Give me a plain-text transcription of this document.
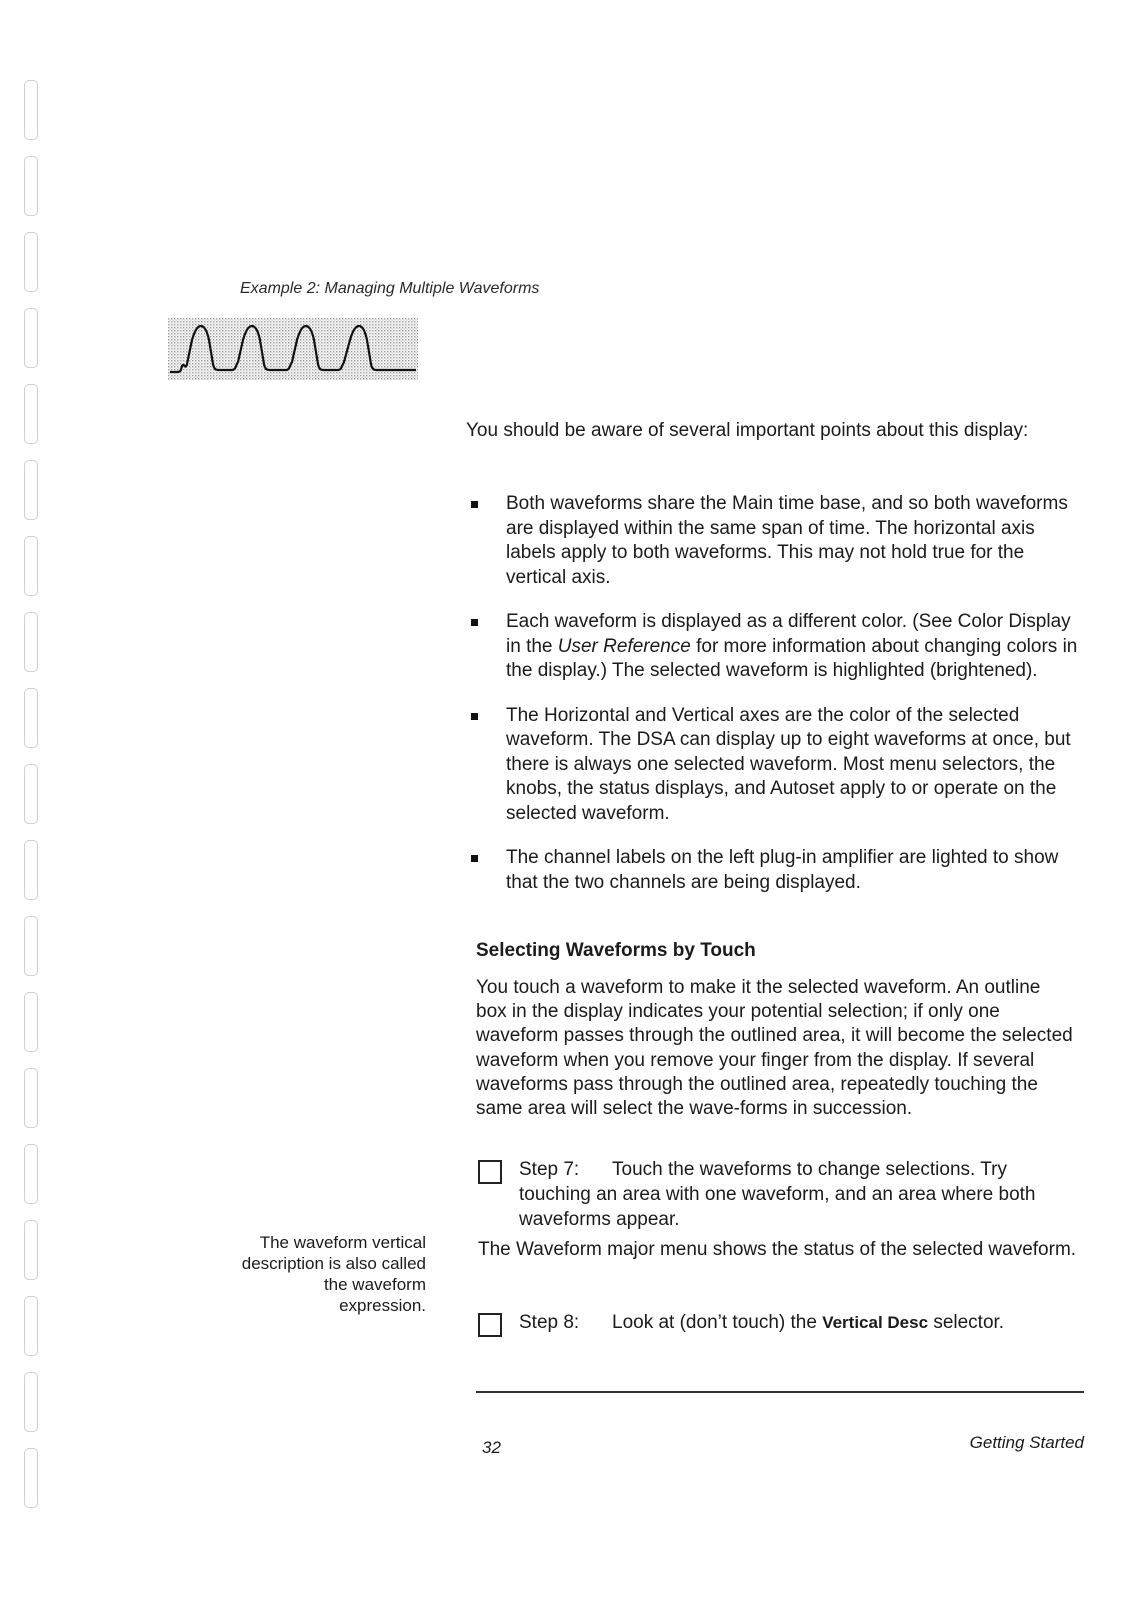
Example 2: Managing Multiple Waveforms
You should be aware of several important points about this display:
Both waveforms share the Main time base, and so both waveforms are displayed within the same span of time. The horizontal axis labels apply to both waveforms. This may not hold true for the vertical axis.
Each waveform is displayed as a different color. (See Color Display in the User Reference for more information about changing colors in the display.) The selected waveform is highlighted (brightened).
The Horizontal and Vertical axes are the color of the selected waveform. The DSA can display up to eight waveforms at once, but there is always one selected waveform. Most menu selectors, the knobs, the status displays, and Autoset apply to or operate on the selected waveform.
The channel labels on the left plug-in amplifier are lighted to show that the two channels are being displayed.
Selecting Waveforms by Touch
You touch a waveform to make it the selected waveform. An outline box in the display indicates your potential selection; if only one waveform passes through the outlined area, it will become the selected waveform when you remove your finger from the display. If several waveforms pass through the outlined area, repeatedly touching the same area will select the wave-forms in succession.
Step 7:	Touch the waveforms to change selections. Try touching an area with one waveform, and an area where both waveforms appear.
The waveform vertical description is also called the waveform expression.
The Waveform major menu shows the status of the selected waveform.
Step 8: Look at (don’t touch) the Vertical Desc selector.
32	Getting Started
